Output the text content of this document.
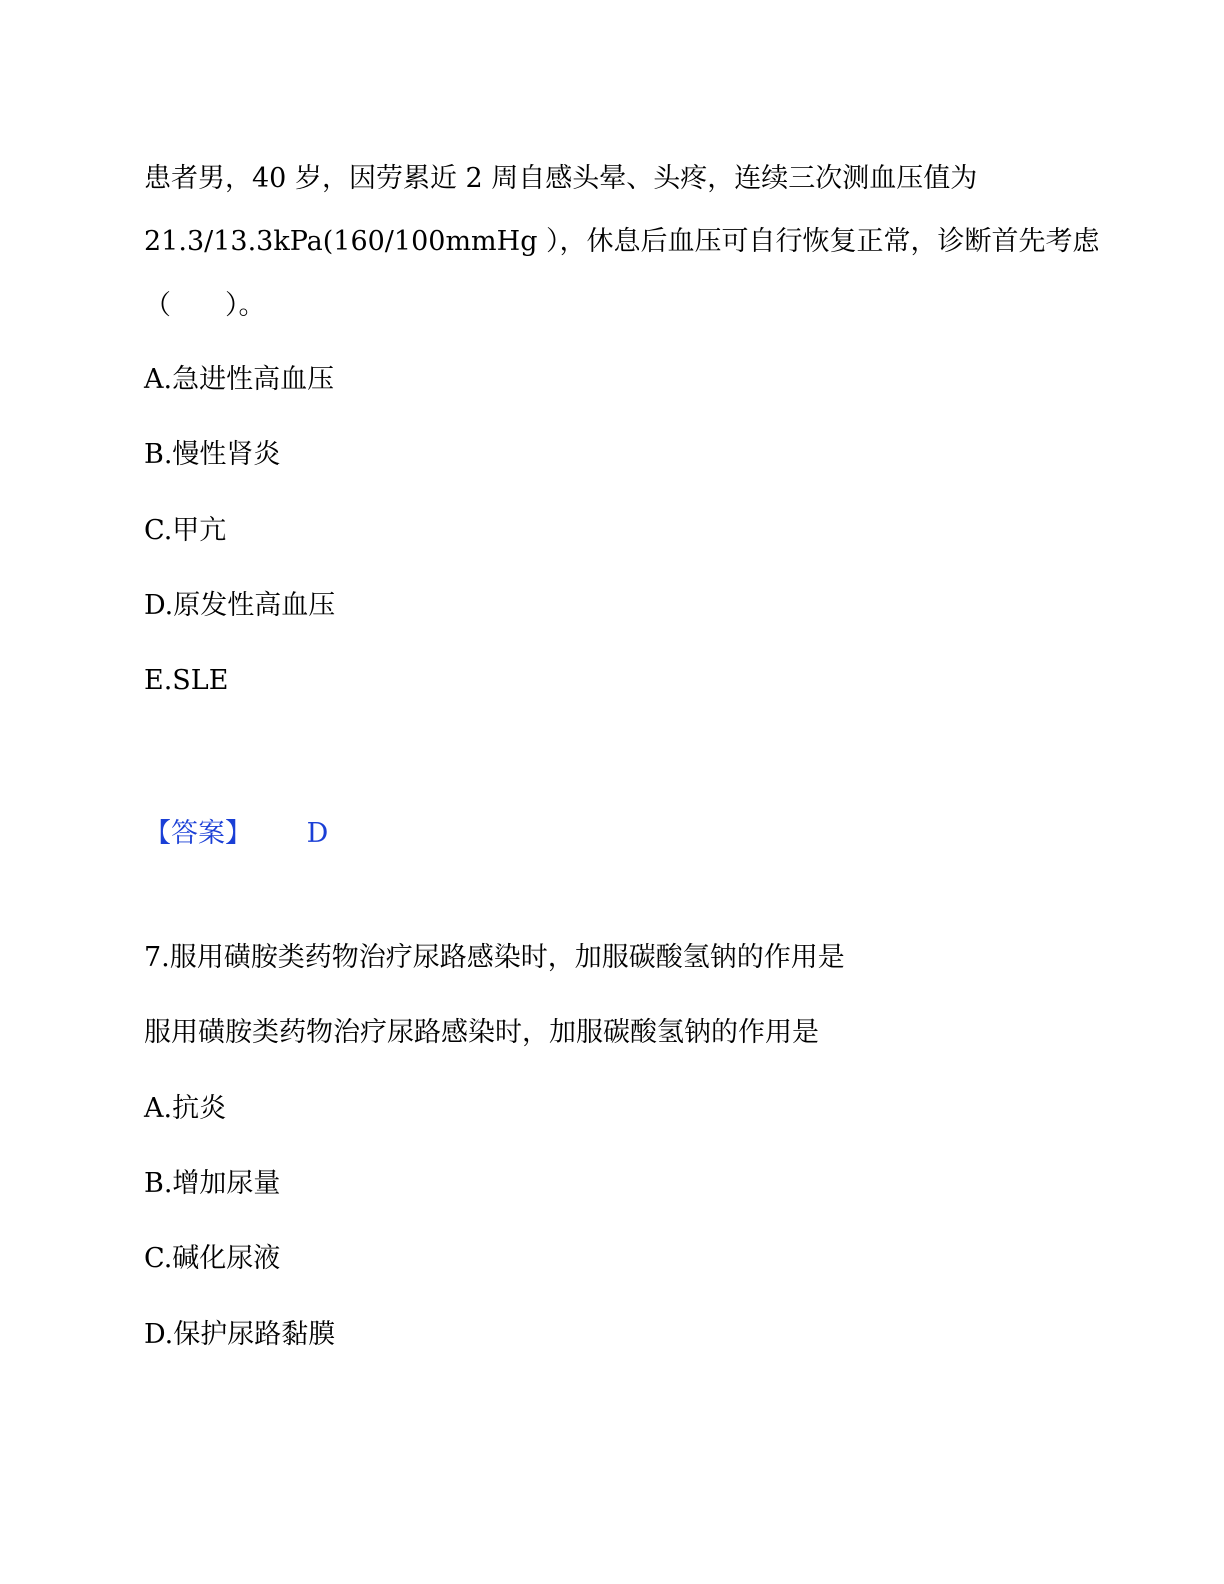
患者男，40 岁，因劳累近 2 周自感头晕、头疼，连续三次测血压值为
21.3/13.3kPa(160/100mmHg ），休息后血压可自行恢复正常，诊断首先考虑
（　　）。
A.急进性高血压
B.慢性肾炎
C.甲亢
D.原发性高血压
E.SLE
【答案】 D
7.服用磺胺类药物治疗尿路感染时，加服碳酸氢钠的作用是
服用磺胺类药物治疗尿路感染时，加服碳酸氢钠的作用是
A.抗炎
B.增加尿量
C.碱化尿液
D.保护尿路黏膜
